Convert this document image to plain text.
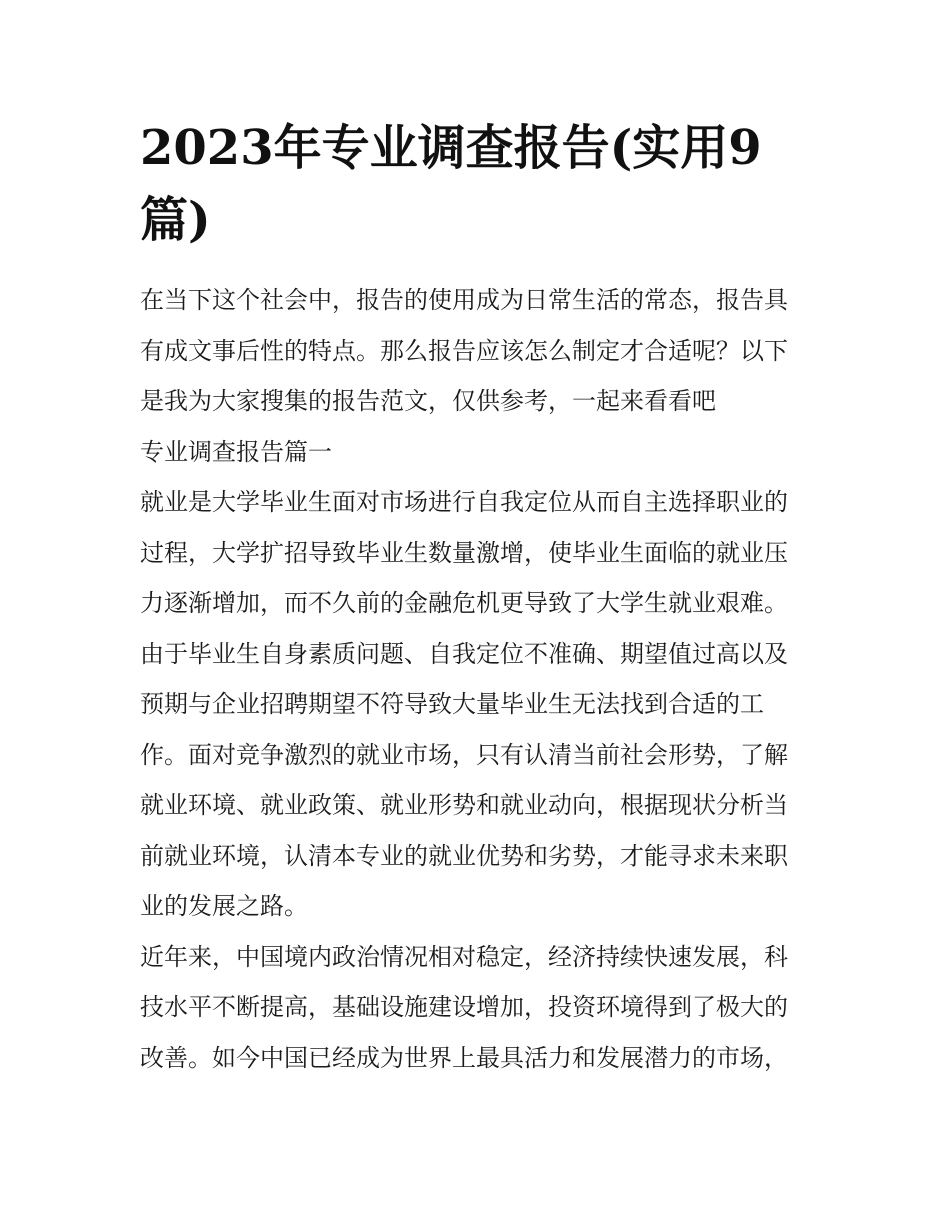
2023年专业调查报告(实用9
篇)
在当下这个社会中，报告的使用成为日常生活的常态，报告具
有成文事后性的特点。那么报告应该怎么制定才合适呢？以下
是我为大家搜集的报告范文，仅供参考，一起来看看吧
专业调查报告篇一
就业是大学毕业生面对市场进行自我定位从而自主选择职业的
过程，大学扩招导致毕业生数量激增，使毕业生面临的就业压
力逐渐增加，而不久前的金融危机更导致了大学生就业艰难。
由于毕业生自身素质问题、自我定位不准确、期望值过高以及
预期与企业招聘期望不符导致大量毕业生无法找到合适的工
作。面对竞争激烈的就业市场，只有认清当前社会形势，了解
就业环境、就业政策、就业形势和就业动向，根据现状分析当
前就业环境，认清本专业的就业优势和劣势，才能寻求未来职
业的发展之路。
近年来，中国境内政治情况相对稳定，经济持续快速发展，科
技水平不断提高，基础设施建设增加，投资环境得到了极大的
改善。如今中国已经成为世界上最具活力和发展潜力的市场，
